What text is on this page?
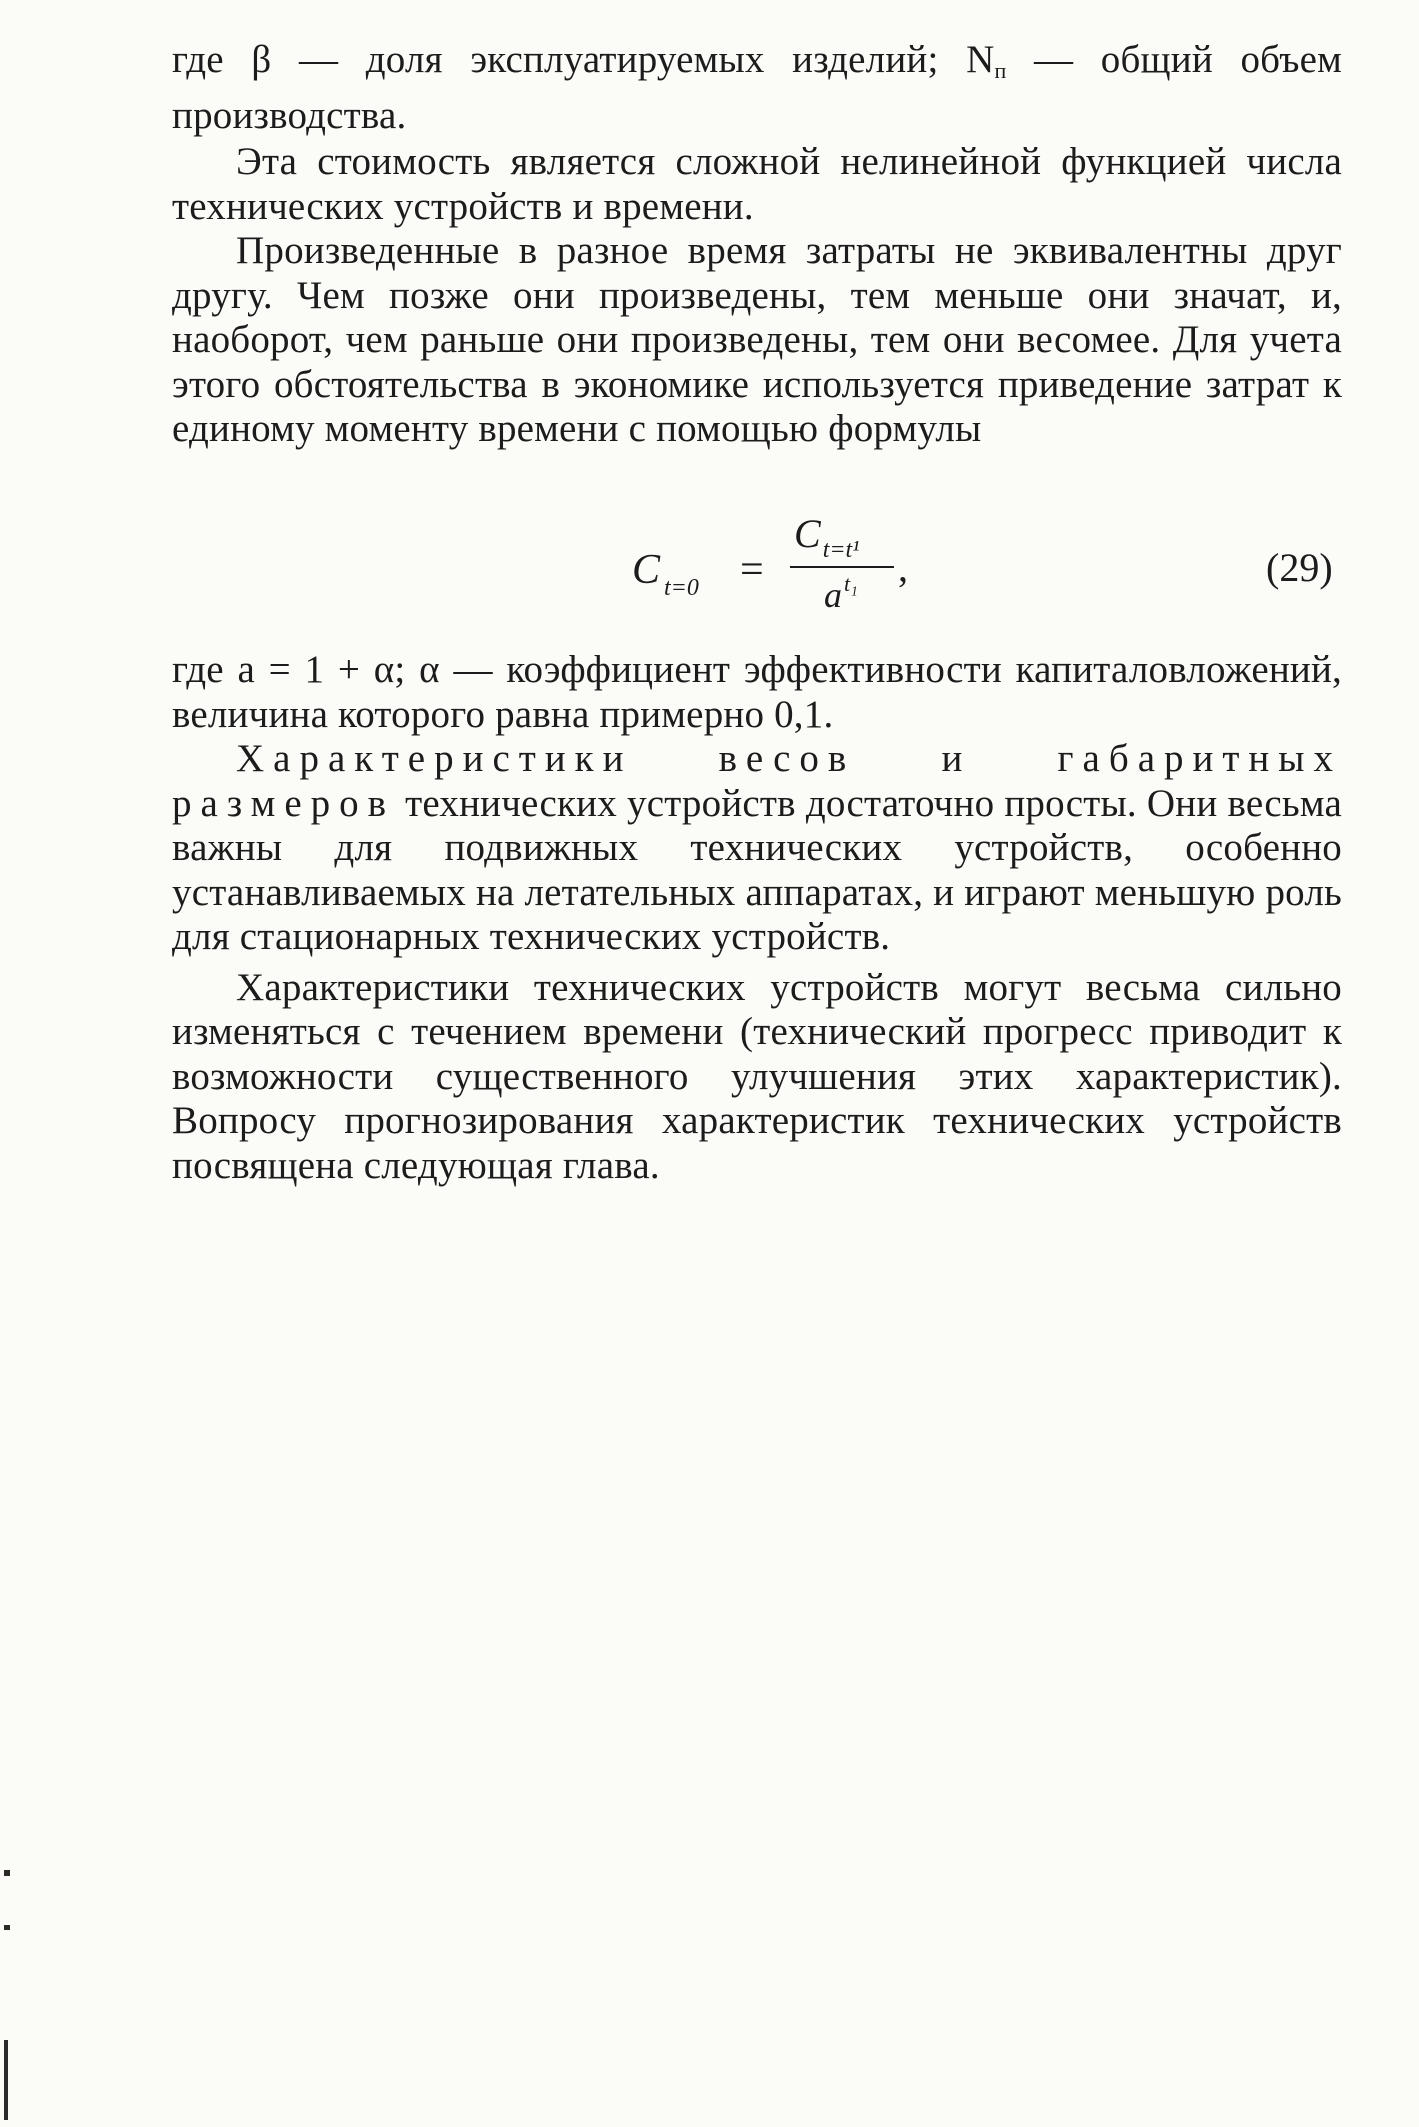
где β — доля эксплуатируемых изделий; $N_п$ — общий объем производства.

Эта стоимость является сложной нелинейной функцией числа технических устройств и времени.

Произведенные в разное время затраты не эквивалентны друг другу. Чем позже они произведены, тем меньше они значат, и, наоборот, чем раньше они произведены, тем они весомее. Для учета этого обстоятельства в экономике используется приведение затрат к единому моменту времени с помощью формулы

C $_{t=0}$ =
$C_{t=t^1}$
$a^{t_1}$ ,	(29)

где a = 1 + α; α — коэффициент эффективности капиталовложений, величина которого равна примерно 0,1.

Характеристики весов и габаритных размеров технических устройств достаточно просты. Они весьма важны для подвижных технических устройств, особенно устанавливаемых на летательных аппаратах, и играют меньшую роль для стационарных технических устройств.

Характеристики технических устройств могут весьма сильно изменяться с течением времени (технический прогресс приводит к возможности существенного улучшения этих характеристик). Вопросу прогнозирования характеристик технических устройств посвящена следующая глава.
